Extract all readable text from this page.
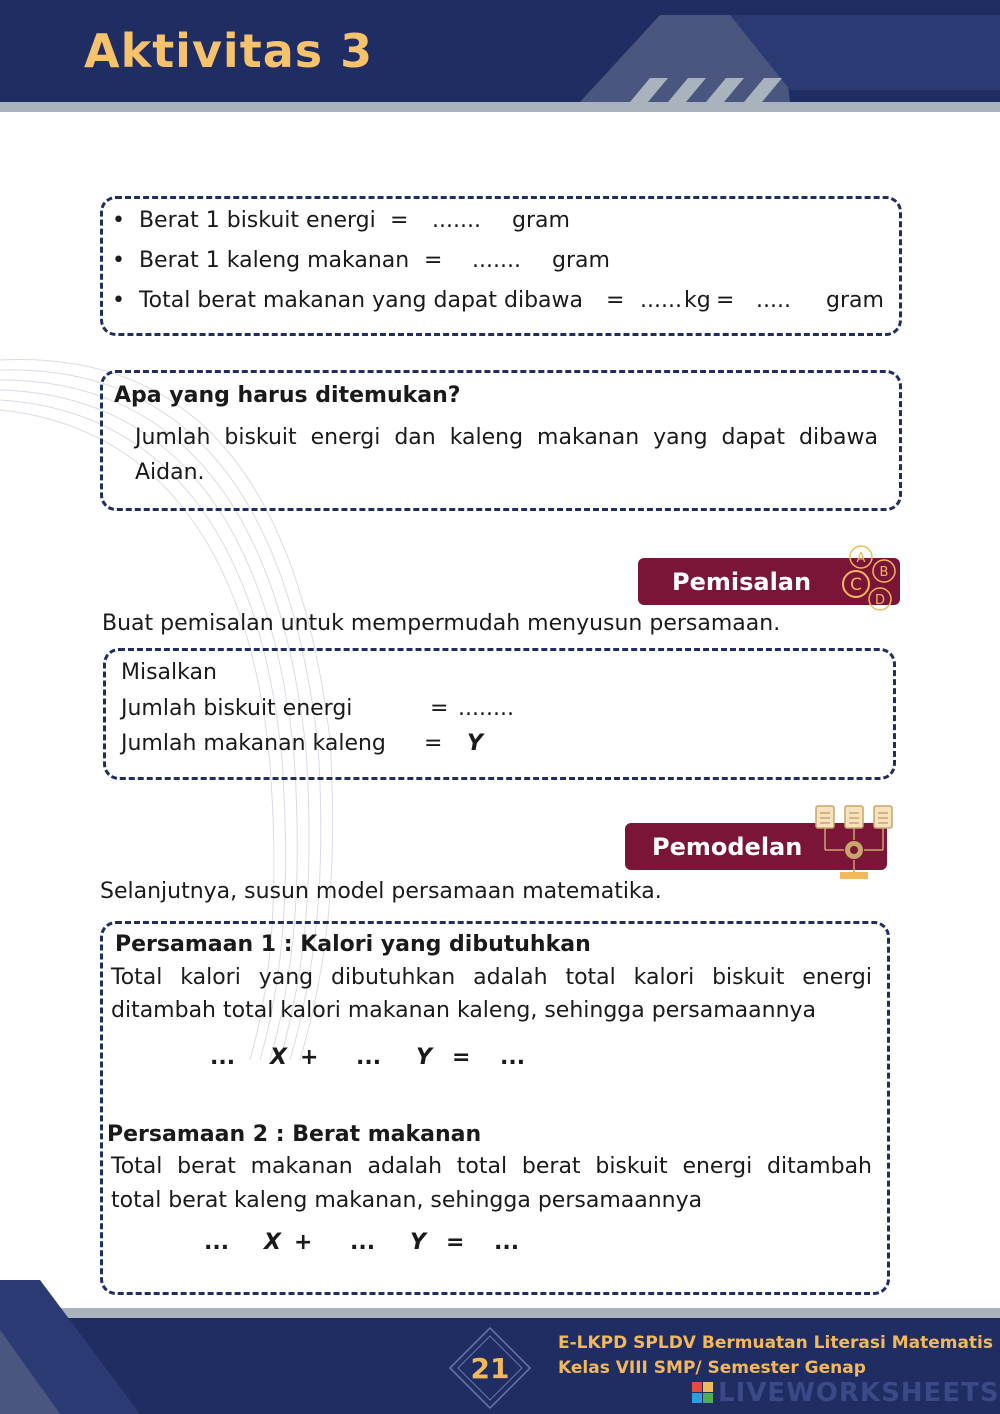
Aktivitas 3
•  Berat 1 biskuit energi = ....... gram
•  Berat 1 kaleng makanan = ....... gram
•  Total berat makanan yang dapat dibawa = ...... kg = ..... gram
Apa yang harus ditemukan?
Jumlah biskuit energi dan kaleng makanan yang dapat dibawa
Aidan.
Pemisalan
A
B
C
D
Buat pemisalan untuk mempermudah menyusun persamaan.
Misalkan
Jumlah biskuit energi	= ........
Jumlah makanan kaleng = Y
Pemodelan
Selanjutnya, susun model persamaan matematika.
Persamaan 1 : Kalori yang dibutuhkan
Total kalori yang dibutuhkan adalah total kalori biskuit energi
ditambah total kalori makanan kaleng, sehingga persamaannya
... X + ... Y = ...
Persamaan 2 : Berat makanan
Total berat makanan adalah total berat biskuit energi ditambah
total berat kaleng makanan, sehingga persamaannya
... X + ... Y = ...
21
E-LKPD SPLDV Bermuatan Literasi Matematis
Kelas VIII SMP/ Semester Genap
LIVEWORKSHEETS
